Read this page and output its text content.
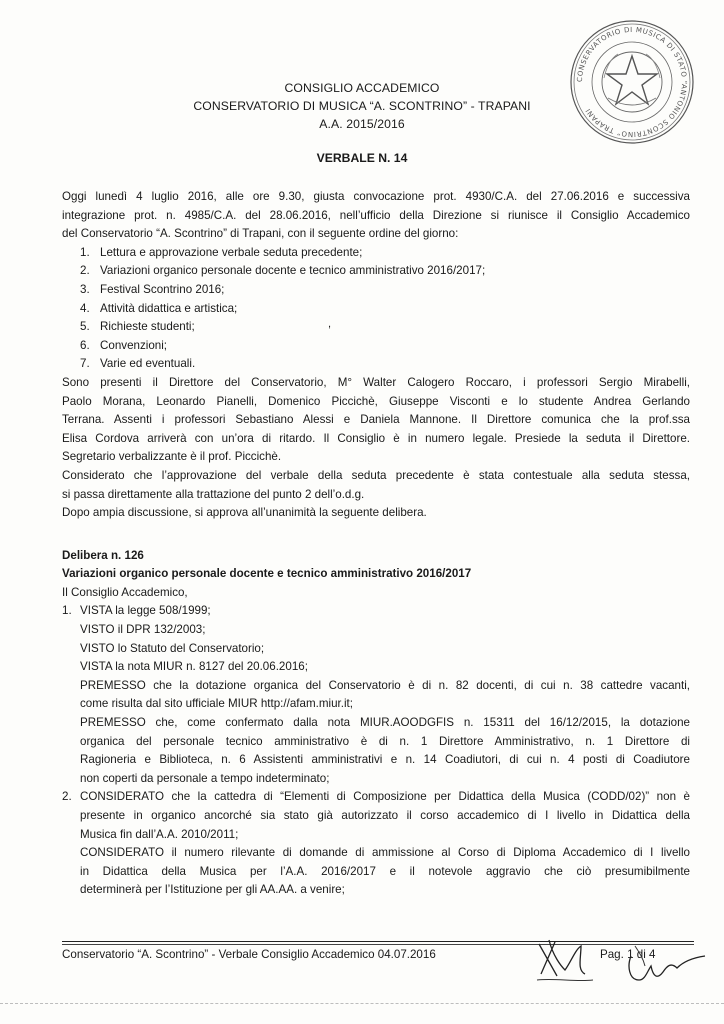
CONSERVATORIO DI MUSICA DI STATO “ANTONIO SCONTRINO” TRAPANI
CONSIGLIO ACCADEMICO
CONSERVATORIO DI MUSICA “A. SCONTRINO” - TRAPANI
A.A. 2015/2016
VERBALE N. 14
,
Oggi lunedì 4 luglio 2016, alle ore 9.30, giusta convocazione prot. 4930/C.A. del 27.06.2016 e successiva
integrazione prot. n. 4985/C.A. del 28.06.2016, nell’ufficio della Direzione si riunisce il Consiglio Accademico
del Conservatorio “A. Scontrino” di Trapani, con il seguente ordine del giorno:
1. Lettura e approvazione verbale seduta precedente;
2. Variazioni organico personale docente e tecnico amministrativo 2016/2017;
3. Festival Scontrino 2016;
4. Attività didattica e artistica;
5. Richieste studenti;
6. Convenzioni;
7. Varie ed eventuali.
Sono presenti il Direttore del Conservatorio, M° Walter Calogero Roccaro, i professori Sergio Mirabelli,
Paolo Morana, Leonardo Pianelli, Domenico Piccichè, Giuseppe Visconti e lo studente Andrea Gerlando
Terrana. Assenti i professori Sebastiano Alessi e Daniela Mannone. Il Direttore comunica che la prof.ssa
Elisa Cordova arriverà con un’ora di ritardo. Il Consiglio è in numero legale. Presiede la seduta il Direttore.
Segretario verbalizzante è il prof. Piccichè.
Considerato che l’approvazione del verbale della seduta precedente è stata contestuale alla seduta stessa,
si passa direttamente alla trattazione del punto 2 dell’o.d.g.
Dopo ampia discussione, si approva all’unanimità la seguente delibera.
Delibera n. 126
Variazioni organico personale docente e tecnico amministrativo 2016/2017
Il Consiglio Accademico,
1. VISTA la legge 508/1999;
VISTO il DPR 132/2003;
VISTO lo Statuto del Conservatorio;
VISTA la nota MIUR n. 8127 del 20.06.2016;
PREMESSO che la dotazione organica del Conservatorio è di n. 82 docenti, di cui n. 38 cattedre vacanti,
come risulta dal sito ufficiale MIUR http://afam.miur.it;
PREMESSO che, come confermato dalla nota MIUR.AOODGFIS n. 15311 del 16/12/2015, la dotazione
organica del personale tecnico amministrativo è di n. 1 Direttore Amministrativo, n. 1 Direttore di
Ragioneria e Biblioteca, n. 6 Assistenti amministrativi e n. 14 Coadiutori, di cui n. 4 posti di Coadiutore
non coperti da personale a tempo indeterminato;
2. CONSIDERATO che la cattedra di “Elementi di Composizione per Didattica della Musica (CODD/02)” non è
presente in organico ancorché sia stato già autorizzato il corso accademico di I livello in Didattica della
Musica fin dall’A.A. 2010/2011;
CONSIDERATO il numero rilevante di domande di ammissione al Corso di Diploma Accademico di I livello
in Didattica della Musica per l’A.A. 2016/2017 e il notevole aggravio che ciò presumibilmente
determinerà per l’Istituzione per gli AA.AA. a venire;
Conservatorio “A. Scontrino” - Verbale Consiglio Accademico 04.07.2016	Pag. 1 di 4
